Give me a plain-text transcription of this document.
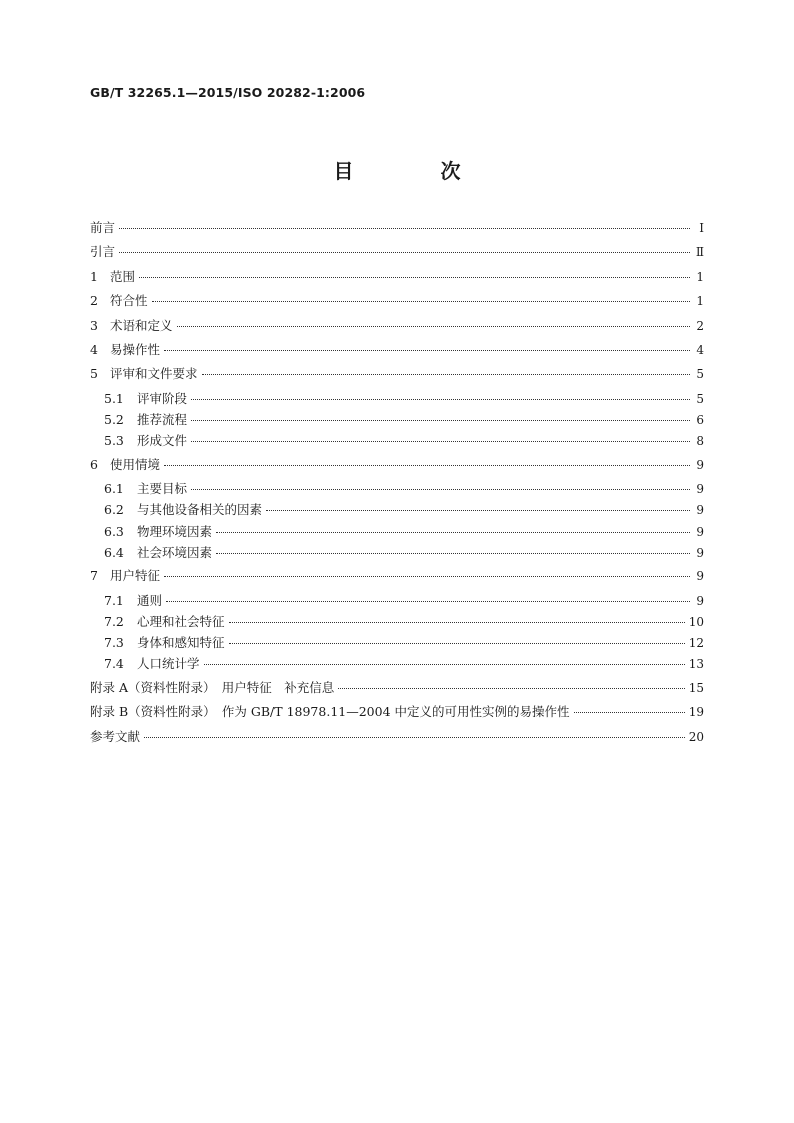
GB/T 32265.1—2015/ISO 20282-1:2006
目 次
前言	Ⅰ
引言	Ⅱ
1 范围	1
2 符合性	1
3 术语和定义	2
4 易操作性	4
5 评审和文件要求	5
5.1	评审阶段	5
5.2	推荐流程	6
5.3	形成文件	8
6 使用情境	9
6.1	主要目标	9
6.2	与其他设备相关的因素	9
6.3	物理环境因素	9
6.4	社会环境因素	9
7 用户特征	9
7.1	通则	9
7.2	心理和社会特征	10
7.3	身体和感知特征	12
7.4	人口统计学	13
附录 A（资料性附录）　用户特征　补充信息	15
附录 B（资料性附录）　作为 GB/T 18978.11—2004 中定义的可用性实例的易操作性	19
参考文献	20
